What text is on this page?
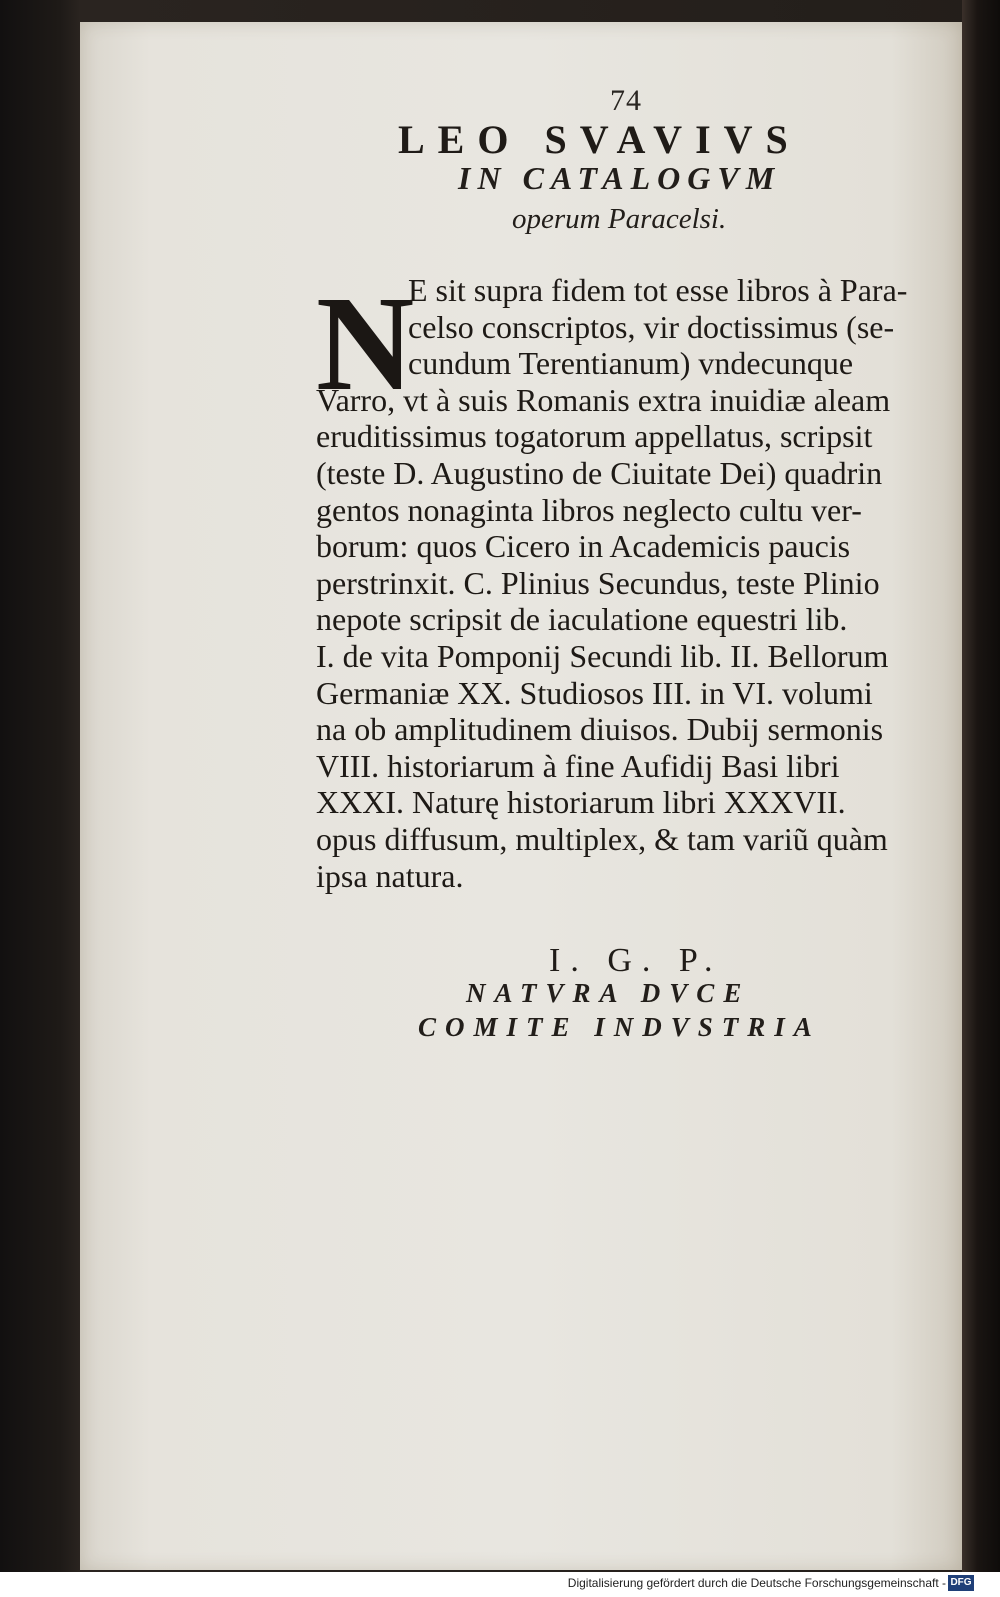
74
LEO SVAVIVS
IN CATALOGVM
operum Paracelsi.
N
E sit supra fidem tot esse libros à Para-
celso conscriptos, vir doctissimus (se-
cundum Terentianum) vndecunque
Varro, vt à suis Romanis extra inuidiæ aleam
eruditissimus togatorum appellatus, scripsit
(teste D. Augustino de Ciuitate Dei) quadrin
gentos nonaginta libros neglecto cultu ver-
borum: quos Cicero in Academicis paucis
perstrinxit. C. Plinius Secundus, teste Plinio
nepote scripsit de iaculatione equestri lib.
I. de vita Pomponij Secundi lib. II. Bellorum
Germaniæ XX. Studiosos III. in VI. volumi
na ob amplitudinem diuisos. Dubij sermonis
VIII. historiarum à fine Aufidij Basi libri
XXXI. Naturę historiarum libri XXXVII.
opus diffusum, multiplex, & tam variũ quàm
ipsa natura.
I. G. P.
NATVRA DVCE
COMITE INDVSTRIA
Digitalisierung gefördert durch die Deutsche Forschungsgemeinschaft - DFG
